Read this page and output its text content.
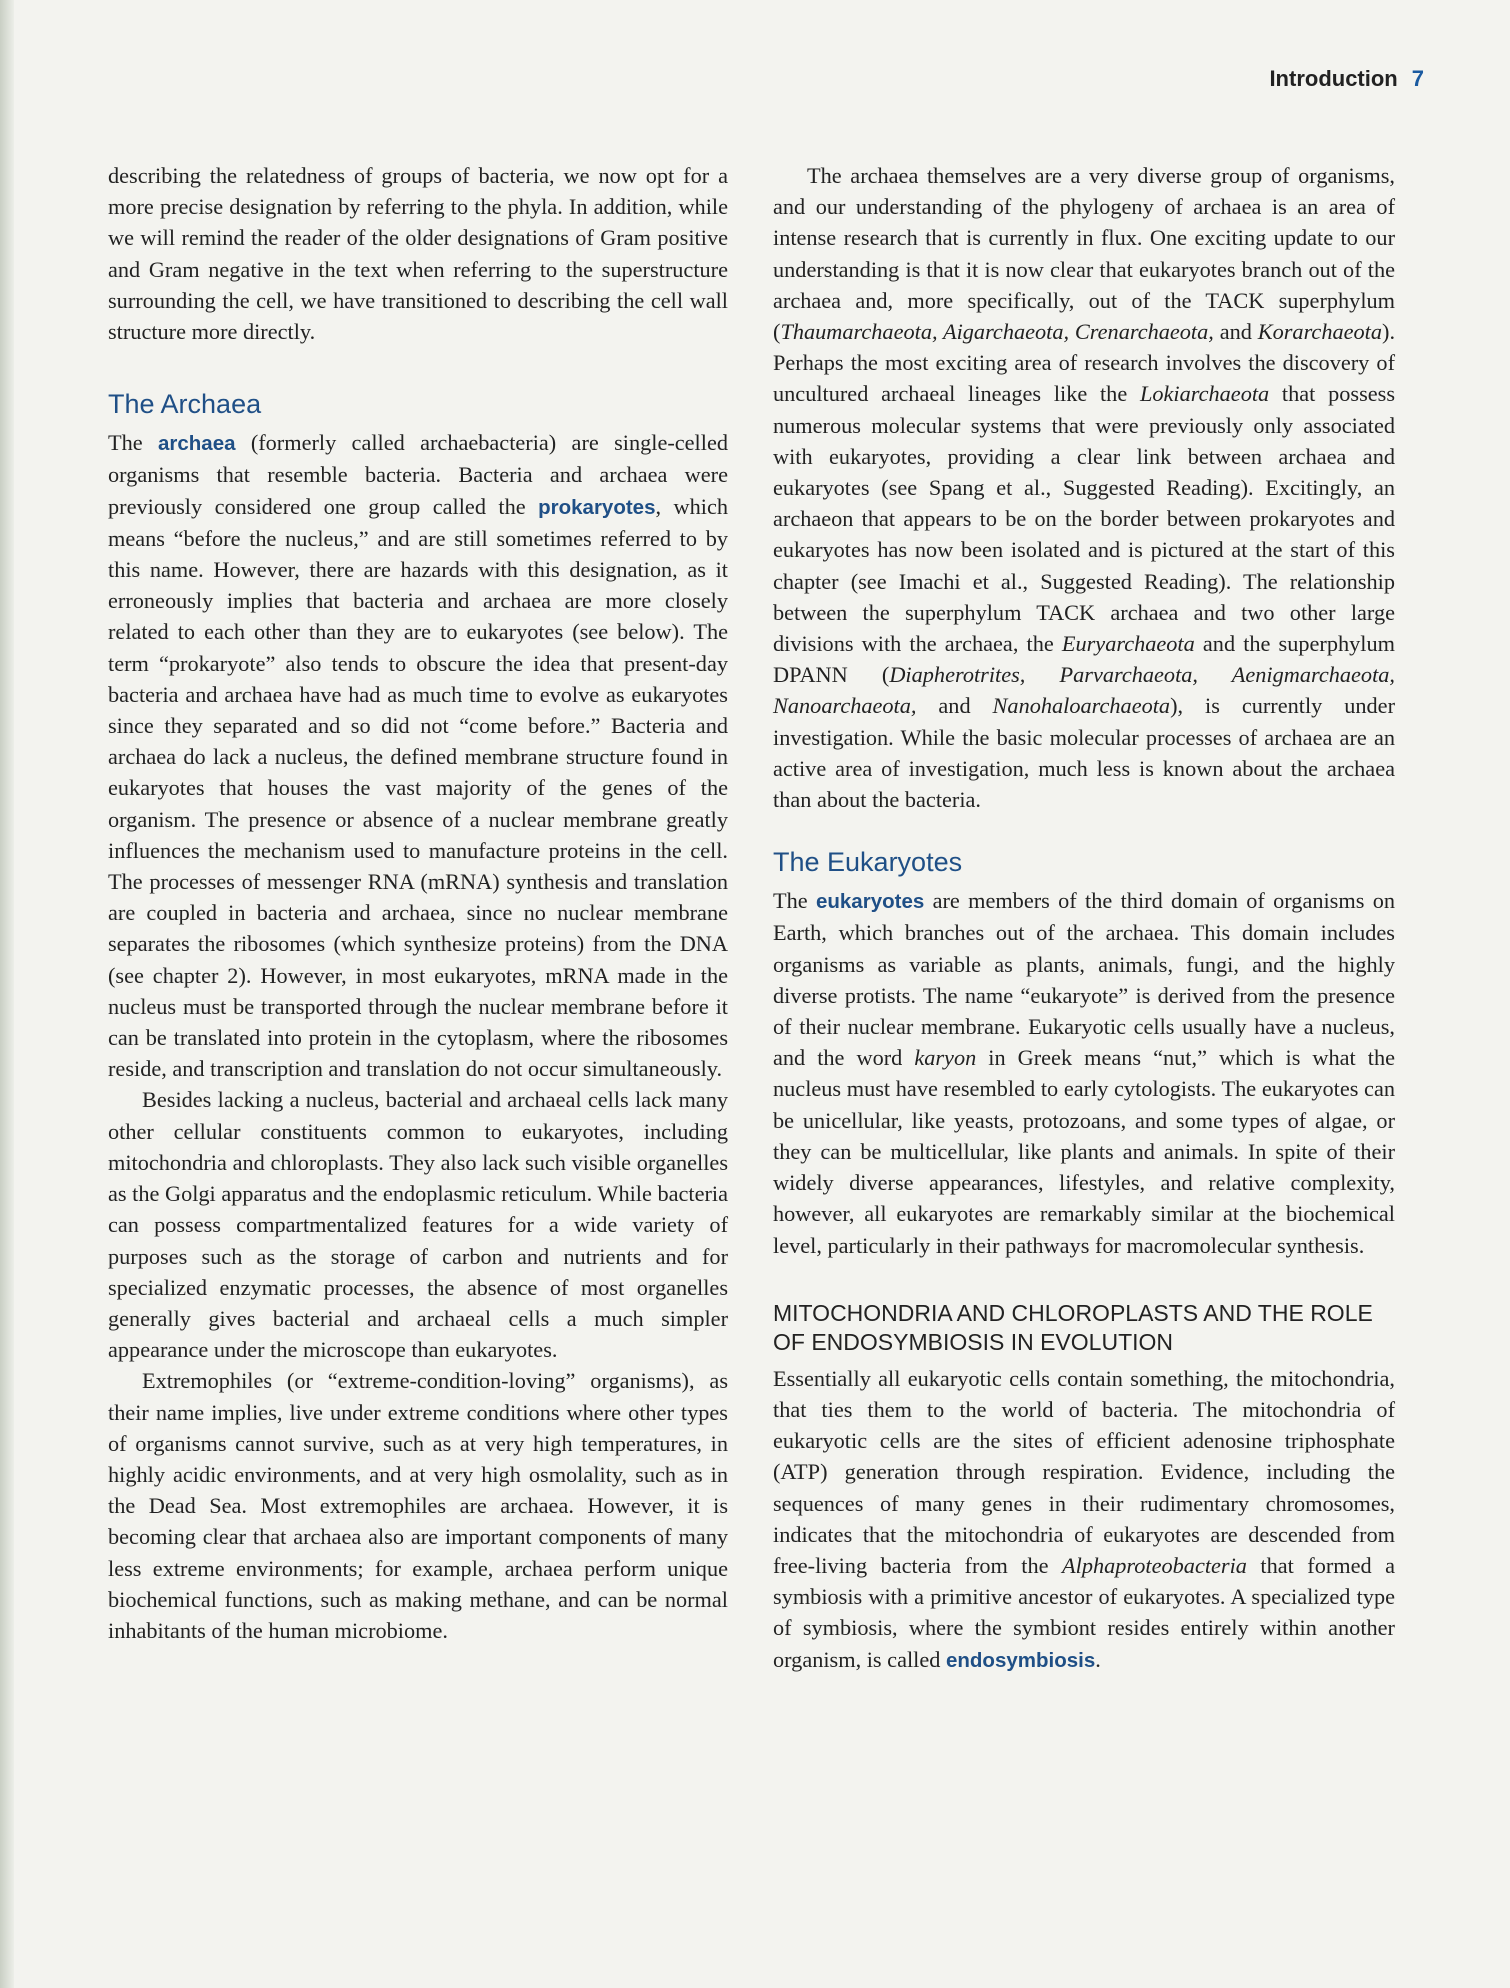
Introduction 7

describing the relatedness of groups of bacteria, we now opt for a more precise designation by referring to the phyla. In addition, while we will remind the reader of the older designations of Gram positive and Gram negative in the text when referring to the superstructure surrounding the cell, we have transitioned to describing the cell wall structure more directly.

The Archaea

The archaea (formerly called archaebacteria) are single-celled organisms that resemble bacteria. Bacteria and archaea were previously considered one group called the prokaryotes, which means “before the nucleus,” and are still sometimes referred to by this name. However, there are hazards with this designation, as it erroneously implies that bacteria and archaea are more closely related to each other than they are to eukaryotes (see below). The term “prokaryote” also tends to obscure the idea that present-day bacteria and archaea have had as much time to evolve as eukaryotes since they separated and so did not “come before.” Bacteria and archaea do lack a nucleus, the defined membrane structure found in eukaryotes that houses the vast majority of the genes of the organism. The presence or absence of a nuclear membrane greatly influences the mechanism used to manufacture proteins in the cell. The processes of messenger RNA (mRNA) synthesis and translation are coupled in bacteria and archaea, since no nuclear membrane separates the ribosomes (which synthesize proteins) from the DNA (see chapter 2). However, in most eukaryotes, mRNA made in the nucleus must be transported through the nuclear membrane before it can be translated into protein in the cytoplasm, where the ribosomes reside, and transcription and translation do not occur simultaneously.

Besides lacking a nucleus, bacterial and archaeal cells lack many other cellular constituents common to eukaryotes, including mitochondria and chloroplasts. They also lack such visible organelles as the Golgi apparatus and the endoplasmic reticulum. While bacteria can possess compartmentalized features for a wide variety of purposes such as the storage of carbon and nutrients and for specialized enzymatic processes, the absence of most organelles generally gives bacterial and archaeal cells a much simpler appearance under the microscope than eukaryotes.

Extremophiles (or “extreme-condition-loving” organisms), as their name implies, live under extreme conditions where other types of organisms cannot survive, such as at very high temperatures, in highly acidic environments, and at very high osmolality, such as in the Dead Sea. Most extremophiles are archaea. However, it is becoming clear that archaea also are important components of many less extreme environments; for example, archaea perform unique biochemical functions, such as making methane, and can be normal inhabitants of the human microbiome.

The archaea themselves are a very diverse group of organisms, and our understanding of the phylogeny of archaea is an area of intense research that is currently in flux. One exciting update to our understanding is that it is now clear that eukaryotes branch out of the archaea and, more specifically, out of the TACK superphylum (Thaumarchaeota, Aigarchaeota, Crenarchaeota, and Korarchaeota). Perhaps the most exciting area of research involves the discovery of uncultured archaeal lineages like the Lokiarchaeota that possess numerous molecular systems that were previously only associated with eukaryotes, providing a clear link between archaea and eukaryotes (see Spang et al., Suggested Reading). Excitingly, an archaeon that appears to be on the border between prokaryotes and eukaryotes has now been isolated and is pictured at the start of this chapter (see Imachi et al., Suggested Reading). The relationship between the superphylum TACK archaea and two other large divisions with the archaea, the Euryarchaeota and the superphylum DPANN (Diapherotrites, Parvarchaeota, Aenigmarchaeota, Nanoarchaeota, and Nanohaloarchaeota), is currently under investigation. While the basic molecular processes of archaea are an active area of investigation, much less is known about the archaea than about the bacteria.

The Eukaryotes

The eukaryotes are members of the third domain of organisms on Earth, which branches out of the archaea. This domain includes organisms as variable as plants, animals, fungi, and the highly diverse protists. The name “eukaryote” is derived from the presence of their nuclear membrane. Eukaryotic cells usually have a nucleus, and the word karyon in Greek means “nut,” which is what the nucleus must have resembled to early cytologists. The eukaryotes can be unicellular, like yeasts, protozoans, and some types of algae, or they can be multicellular, like plants and animals. In spite of their widely diverse appearances, lifestyles, and relative complexity, however, all eukaryotes are remarkably similar at the biochemical level, particularly in their pathways for macromolecular synthesis.

MITOCHONDRIA AND CHLOROPLASTS AND THE ROLE OF ENDOSYMBIOSIS IN EVOLUTION

Essentially all eukaryotic cells contain something, the mitochondria, that ties them to the world of bacteria. The mitochondria of eukaryotic cells are the sites of efficient adenosine triphosphate (ATP) generation through respiration. Evidence, including the sequences of many genes in their rudimentary chromosomes, indicates that the mitochondria of eukaryotes are descended from free-living bacteria from the Alphaproteobacteria that formed a symbiosis with a primitive ancestor of eukaryotes. A specialized type of symbiosis, where the symbiont resides entirely within another organism, is called endosymbiosis.
